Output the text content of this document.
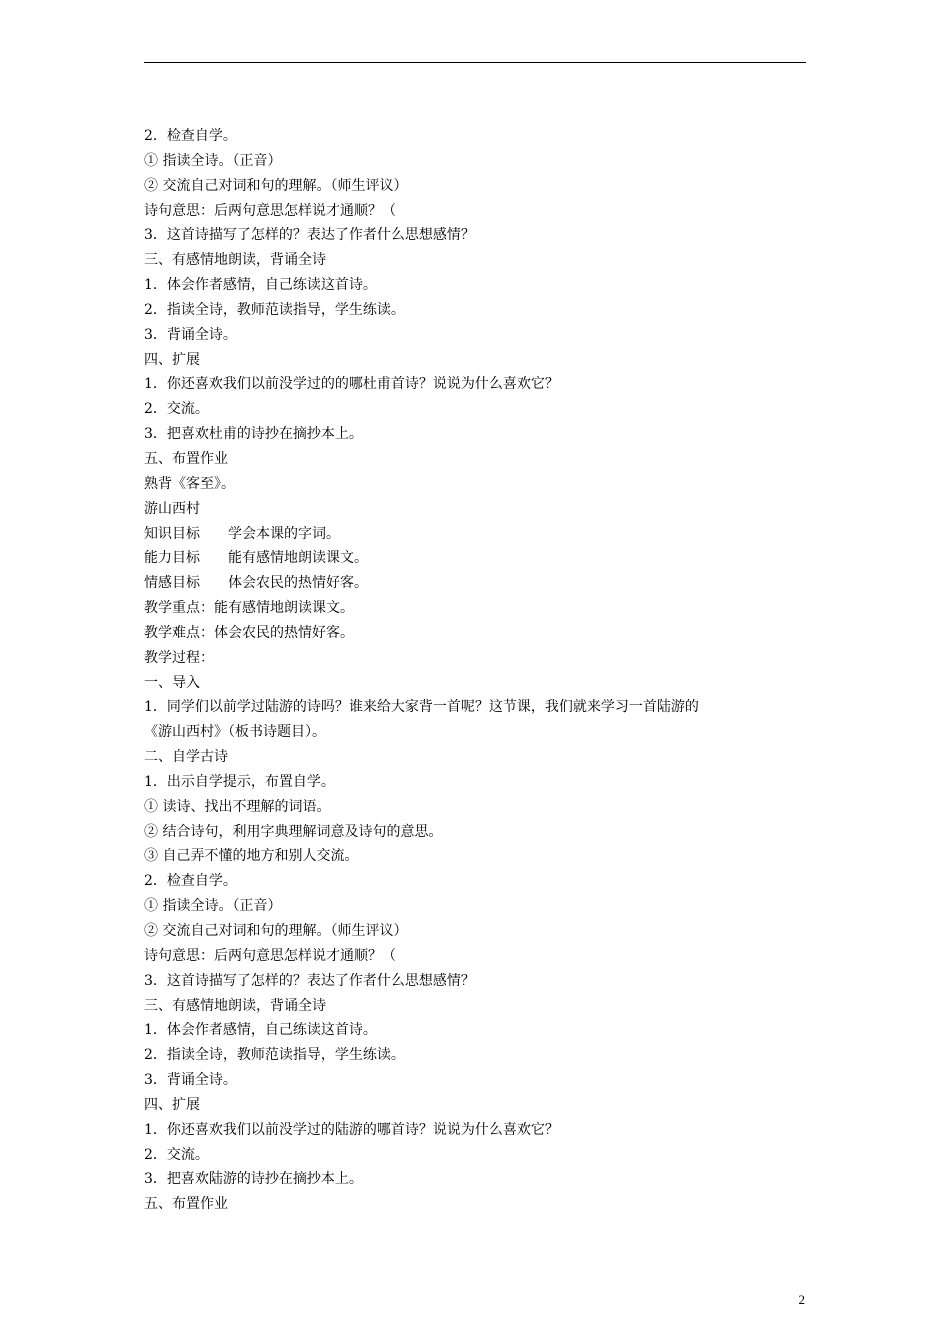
2．检查自学。
① 指读全诗。（正音）
② 交流自己对词和句的理解。（师生评议）
诗句意思：后两句意思怎样说才通顺？（
3．这首诗描写了怎样的？表达了作者什么思想感情？
三、有感情地朗读，背诵全诗
1．体会作者感情，自己练读这首诗。
2．指读全诗，教师范读指导，学生练读。
3．背诵全诗。
四、扩展
1．你还喜欢我们以前没学过的的哪杜甫首诗？说说为什么喜欢它？
2．交流。
3．把喜欢杜甫的诗抄在摘抄本上。
五、布置作业
熟背《客至》。
游山西村
知识目标　　学会本课的字词。
能力目标　　能有感情地朗读课文。
情感目标　　体会农民的热情好客。
教学重点：能有感情地朗读课文。
教学难点：体会农民的热情好客。
教学过程：
一、导入
1．同学们以前学过陆游的诗吗？谁来给大家背一首呢？这节课，我们就来学习一首陆游的
《游山西村》（板书诗题目）。
二、自学古诗
1．出示自学提示，布置自学。
① 读诗、找出不理解的词语。
② 结合诗句，利用字典理解词意及诗句的意思。
③ 自己弄不懂的地方和别人交流。
2．检查自学。
① 指读全诗。（正音）
② 交流自己对词和句的理解。（师生评议）
诗句意思：后两句意思怎样说才通顺？（
3．这首诗描写了怎样的？表达了作者什么思想感情？
三、有感情地朗读，背诵全诗
1．体会作者感情，自己练读这首诗。
2．指读全诗，教师范读指导，学生练读。
3．背诵全诗。
四、扩展
1．你还喜欢我们以前没学过的陆游的哪首诗？说说为什么喜欢它？
2．交流。
3．把喜欢陆游的诗抄在摘抄本上。
五、布置作业
2
